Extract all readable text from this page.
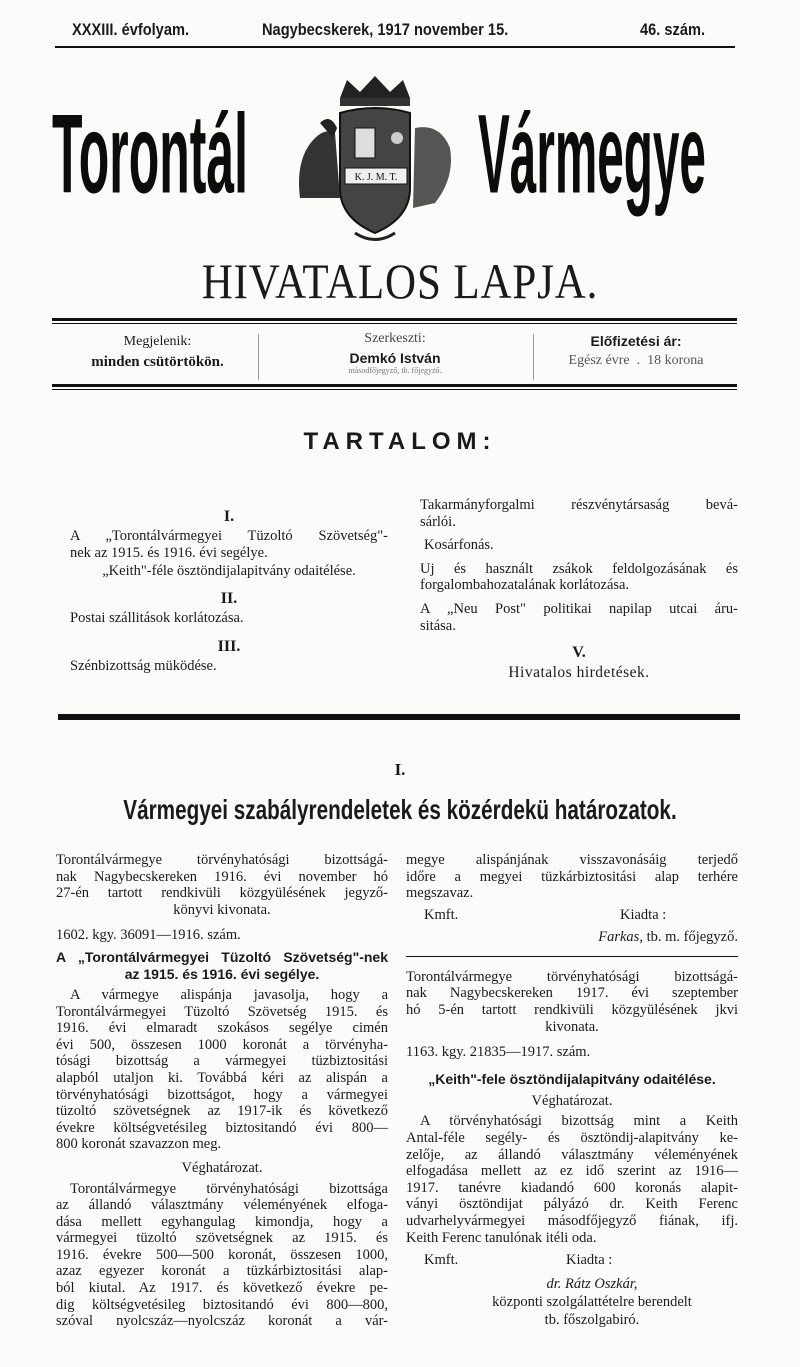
XXXIII. évfolyam.	Nagybecskerek, 1917 november 15.	46. szám.
Torontál	Vármegye
K. J. M. T.
HIVATALOS LAPJA.
Megjelenik:
minden csütörtökön.
Szerkeszti:
Demkó István
másodfőjegyző, tb. főjegyző.
Előfizetési ár:
Egész évre  .  18 korona
TARTALOM:
I.
A „Torontálvármegyei Tüzoltó Szövetség"-
nek az 1915. és 1916. évi segélye.
„Keith"-féle ösztöndijalapitvány odaitélése.
II.
Postai szállitások korlátozása.
III.
Szénbizottság müködése.
Takarmányforgalmi részvénytársaság bevá-
sárlói.
Kosárfonás.
Uj és használt zsákok feldolgozásának és
forgalombahozatalának korlátozása.
A „Neu Post" politikai napilap utcai áru-
sitása.
V.
Hivatalos hirdetések.
I.
Vármegyei szabályrendeletek és közérdekü határozatok.
Torontálvármegye törvényhatósági bizottságá-
nak Nagybecskereken 1916. évi november hó
27-én tartott rendkivüli közgyülésének jegyző-
könyvi kivonata.
1602. kgy. 36091—1916. szám.
A „Torontálvármegyei Tüzoltó Szövetség"-nek
az 1915. és 1916. évi segélye.
A vármegye alispánja javasolja, hogy a
Torontálvármegyei Tüzoltó Szövetség 1915. és
1916. évi elmaradt szokásos segélye cimén
évi 500, összesen 1000 koronát a törvényha-
tósági bizottság a vármegyei tüzbiztositási
alapból utaljon ki. Továbbá kéri az alispán a
törvényhatósági bizottságot, hogy a vármegyei
tüzoltó szövetségnek az 1917-ik és következő
évekre költségvetésileg biztositandó évi 800—
800 koronát szavazzon meg.
Véghatározat.
Torontálvármegye törvényhatósági bizottsága
az állandó választmány véleményének elfoga-
dása mellett egyhangulag kimondja, hogy a
vármegyei tüzoltó szövetségnek az 1915. és
1916. évekre 500—500 koronát, összesen 1000,
azaz egyezer koronát a tüzkárbiztositási alap-
ból kiutal. Az 1917. és következő évekre pe-
dig költségvetésileg biztositandó évi 800—800,
szóval nyolcszáz—nyolcszáz koronát a vár-
megye alispánjának visszavonásáig terjedő
időre a megyei tüzkárbiztositási alap terhére
megszavaz.
Kmft.	Kiadta :
Farkas, tb. m. főjegyző.
Torontálvármegye törvényhatósági bizottságá-
nak Nagybecskereken 1917. évi szeptember
hó 5-én tartott rendkivüli közgyülésének jkvi
kivonata.
1163. kgy. 21835—1917. szám.
„Keith"-fele ösztöndijalapitvány odaitélése.
Véghatározat.
A törvényhatósági bizottság mint a Keith
Antal-féle segély- és ösztöndij-alapitvány ke-
zelője, az állandó választmány véleményének
elfogadása mellett az ez idő szerint az 1916—
1917. tanévre kiadandó 600 koronás alapit-
ványi ösztöndijat pályázó dr. Keith Ferenc
udvarhelyvármegyei másodfőjegyző fiának, ifj.
Keith Ferenc tanulónak itéli oda.
Kmft.	Kiadta :
dr. Rátz Oszkár,
központi szolgálattételre berendelt
tb. főszolgabiró.
